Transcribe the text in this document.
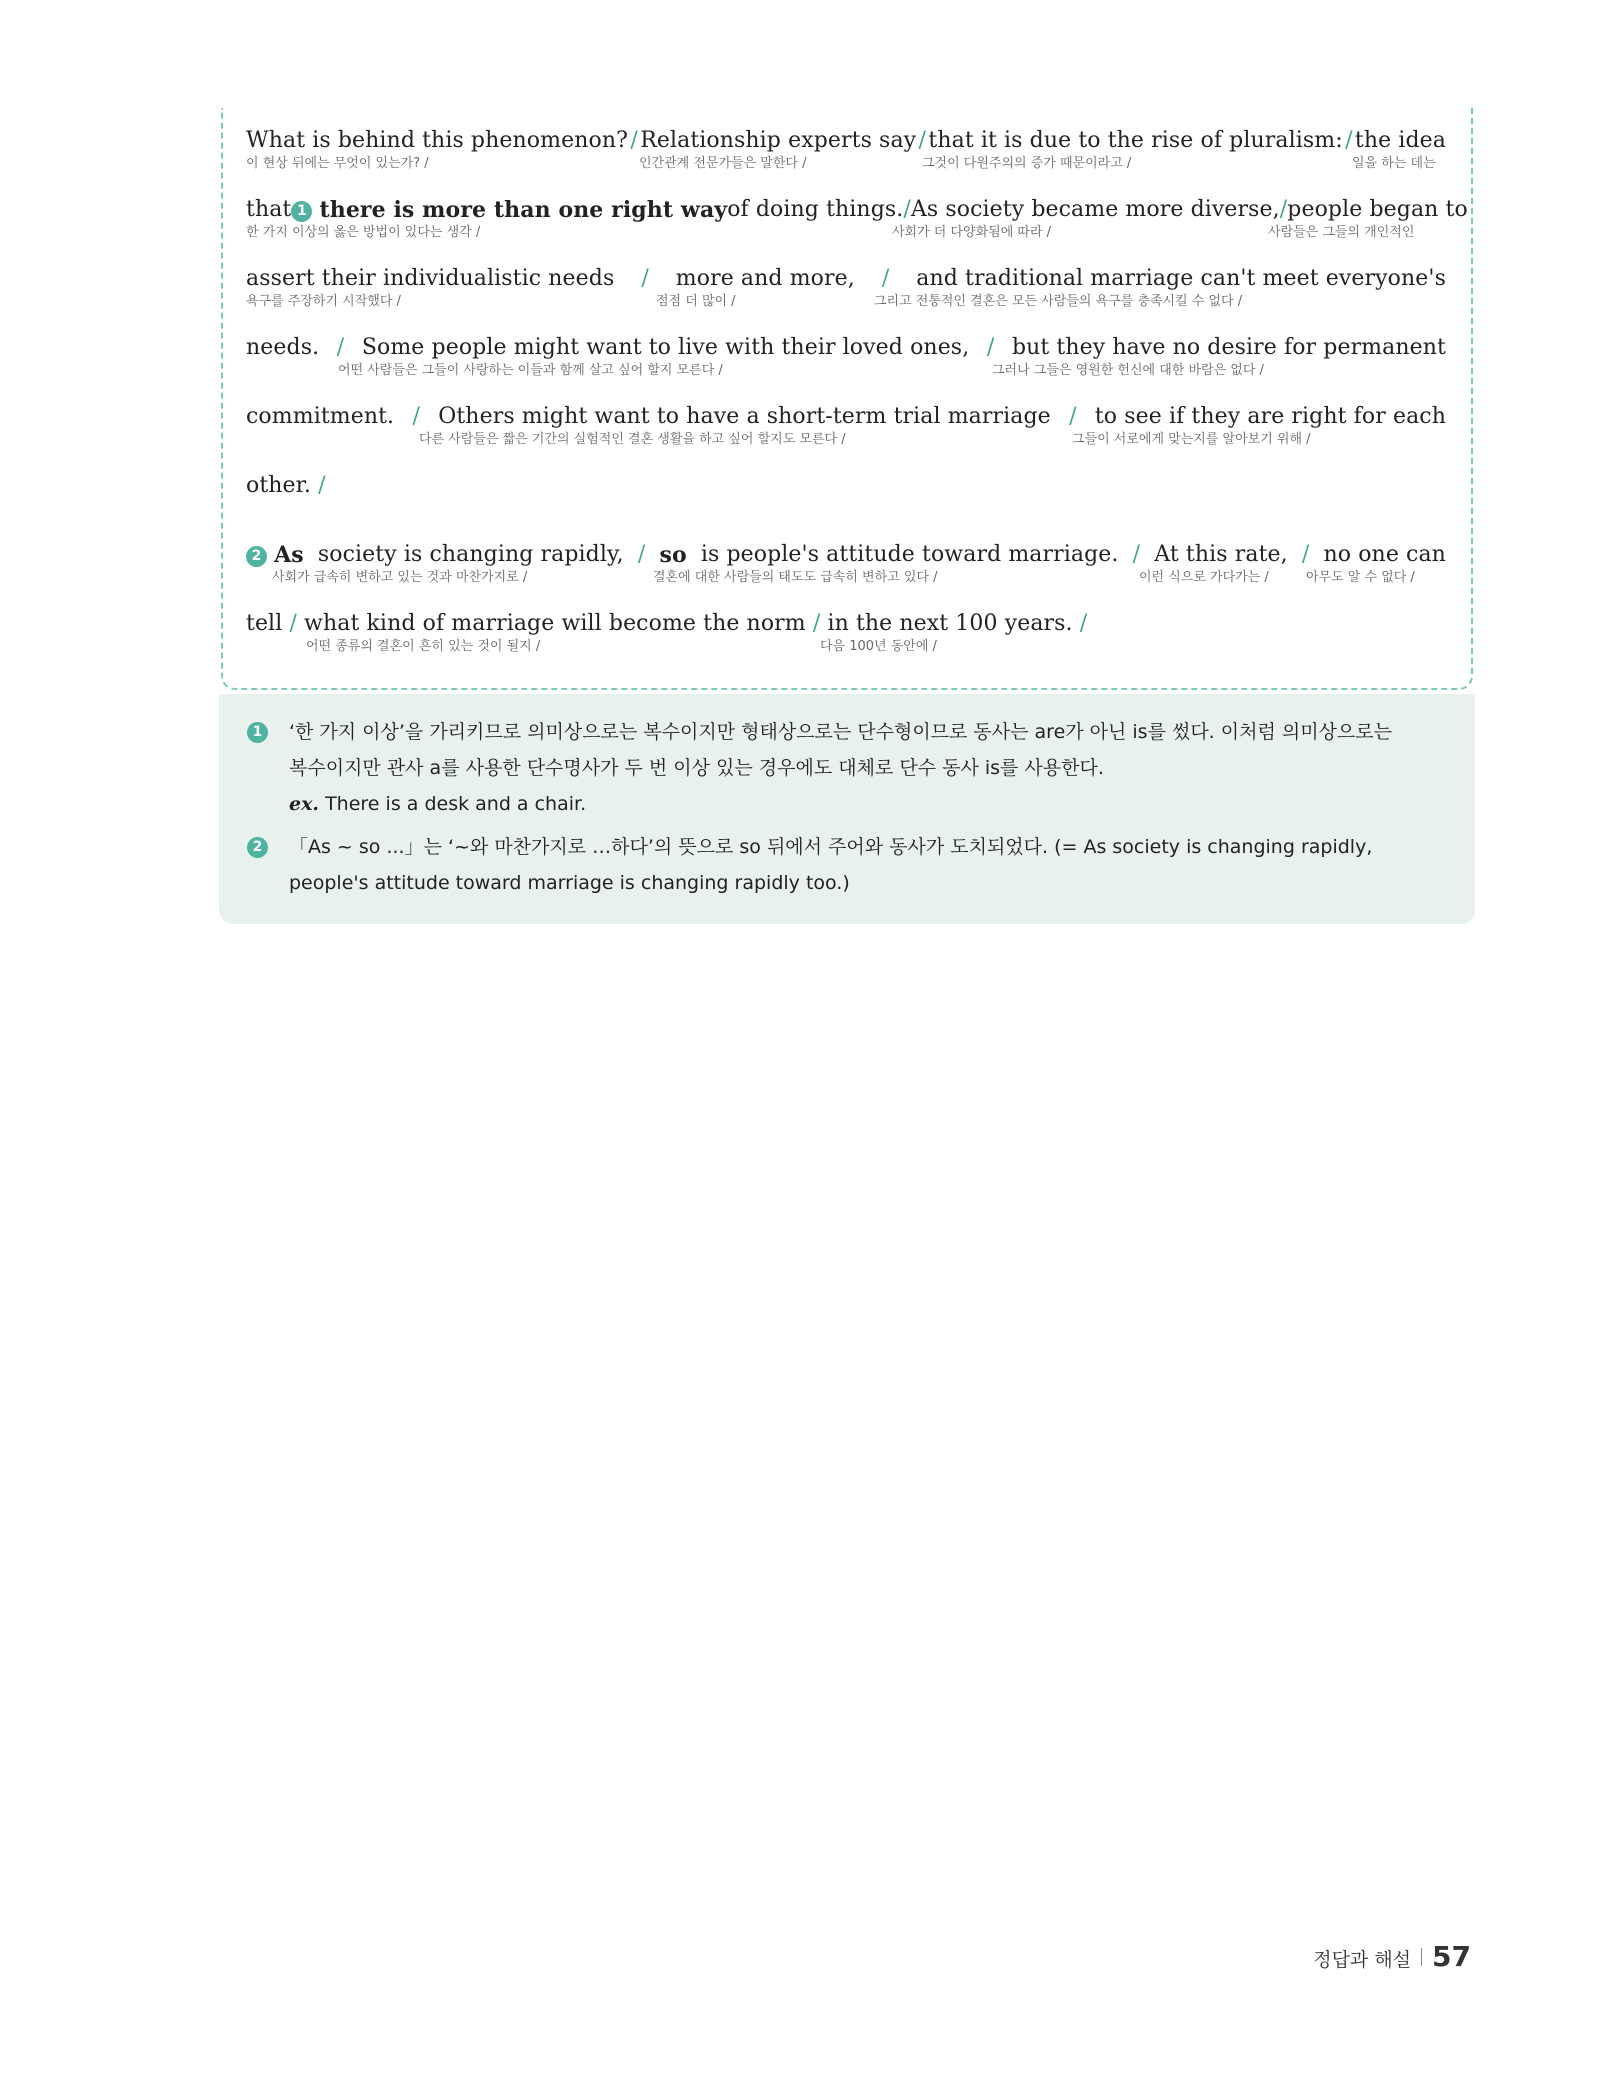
What is behind this phenomenon? / Relationship experts say / that it is due to the rise of pluralism: / the idea
이 현상 뒤에는 무엇이 있는가? /	인간관계 전문가들은 말한다 /	그것이 다원주의의 증가 때문이라고 /	일을 하는 데는
that 1 there is more than one right way of doing things. / As society became more diverse, / people began to
한 가지 이상의 옳은 방법이 있다는 생각 /	사회가 더 다양화됨에 따라 /	사람들은 그들의 개인적인
assert their individualistic needs / more and more, / and traditional marriage can't meet everyone's
욕구를 주장하기 시작했다 /	점점 더 많이 /	그리고 전통적인 결혼은 모든 사람들의 욕구를 충족시킬 수 없다 /
needs. / Some people might want to live with their loved ones, / but they have no desire for permanent
어떤 사람들은 그들이 사랑하는 이들과 함께 살고 싶어 할지 모른다 /	그러나 그들은 영원한 헌신에 대한 바람은 없다 /
commitment. / Others might want to have a short-term trial marriage / to see if they are right for each
다른 사람들은 짧은 기간의 실험적인 결혼 생활을 하고 싶어 할지도 모른다 /	그들이 서로에게 맞는지를 알아보기 위해 /
other. /
2 As society is changing rapidly, / so is people's attitude toward marriage. / At this rate, / no one can
사회가 급속히 변하고 있는 것과 마찬가지로 /	결혼에 대한 사람들의 태도도 급속히 변하고 있다 /	이런 식으로 가다가는 /	아무도 알 수 없다 /
tell / what kind of marriage will become the norm / in the next 100 years. /
어떤 종류의 결혼이 흔히 있는 것이 될지 /	다음 100년 동안에 /
1 ‘한 가지 이상’을 가리키므로 의미상으로는 복수이지만 형태상으로는 단수형이므로 동사는 are가 아닌 is를 썼다. 이처럼 의미상으로는
복수이지만 관사 a를 사용한 단수명사가 두 번 이상 있는 경우에도 대체로 단수 동사 is를 사용한다.
ex. There is a desk and a chair.
2 「As ~ so ...」는 ‘~와 마찬가지로 …하다’의 뜻으로 so 뒤에서 주어와 동사가 도치되었다. (= As society is changing rapidly,
people's attitude toward marriage is changing rapidly too.)
정답과 해설 57
